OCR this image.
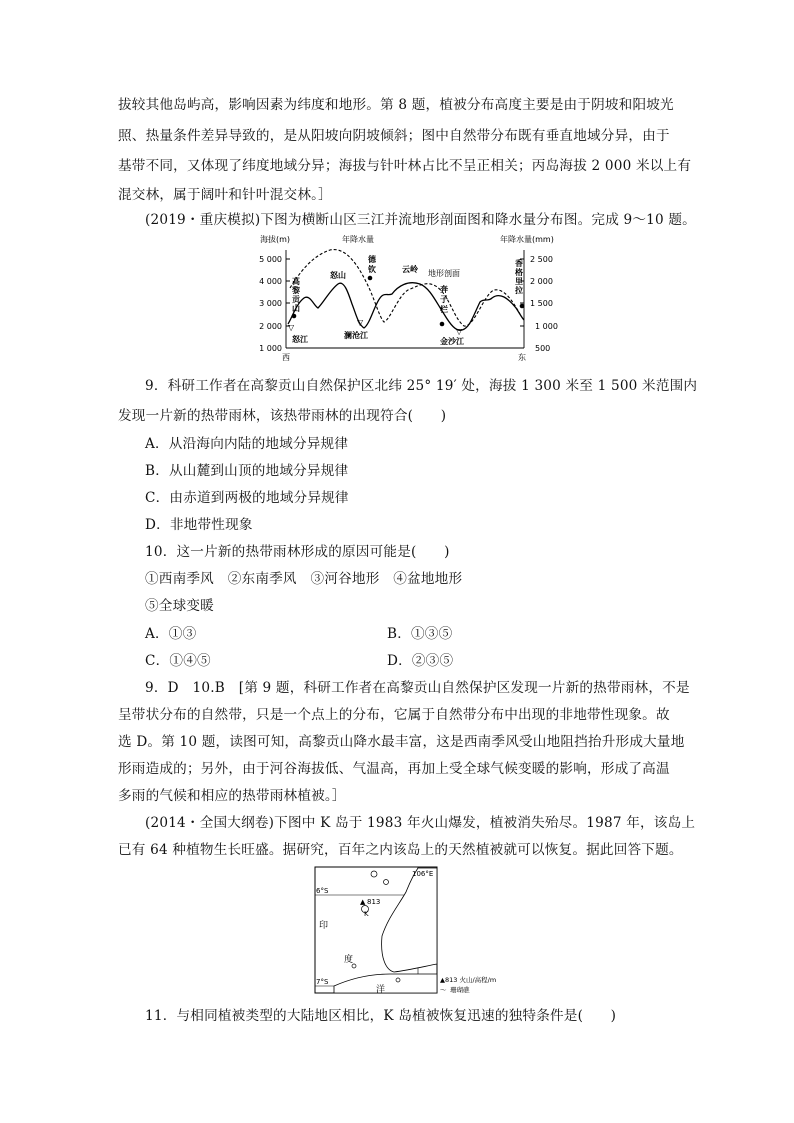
拔较其他岛屿高，影响因素为纬度和地形。第 8 题，植被分布高度主要是由于阴坡和阳坡光
照、热量条件差异导致的，是从阳坡向阴坡倾斜；图中自然带分布既有垂直地域分异，由于
基带不同，又体现了纬度地域分异；海拔与针叶林占比不呈正相关；丙岛海拔 2 000 米以上有
混交林，属于阔叶和针叶混交林。］
(2019・重庆模拟)下图为横断山区三江并流地形剖面图和降水量分布图。完成 9～10 题。
海拔(m)	年降水量(mm)
年降水量
5 000
4 000
3 000
2 000
1 000
2 500
2 000
1 500
1 000
500
▽
▽
▽
高
黎
贡
山
怒山
德
钦	云岭
奔
子
栏
香
格
里
拉
怒江	澜沧江
金沙江
地形剖面
西	东
9．科研工作者在高黎贡山自然保护区北纬 25° 19′ 处，海拔 1 300 米至 1 500 米范围内
发现一片新的热带雨林，该热带雨林的出现符合(　　)
A．从沿海向内陆的地域分异规律
B．从山麓到山顶的地域分异规律
C．由赤道到两极的地域分异规律
D．非地带性现象
10．这一片新的热带雨林形成的原因可能是(　　)
①西南季风　②东南季风　③河谷地形　④盆地地形
⑤全球变暖
A．①③	B．①③⑤
C．①④⑤	D．②③⑤
9．D　10.B　[第 9 题，科研工作者在高黎贡山自然保护区发现一片新的热带雨林，不是
呈带状分布的自然带，只是一个点上的分布，它属于自然带分布中出现的非地带性现象。故
选 D。第 10 题，读图可知，高黎贡山降水最丰富，这是西南季风受山地阻挡抬升形成大量地
形雨造成的；另外，由于河谷海拔低、气温高，再加上受全球气候变暖的影响，形成了高温
多雨的气候和相应的热带雨林植被。］
(2014・全国大纲卷)下图中 K 岛于 1983 年火山爆发，植被消失殆尽。1987 年，该岛上
已有 64 种植物生长旺盛。据研究，百年之内该岛上的天然植被就可以恢复。据此回答下题。
6°S
7°S
106°E
印
度
洋
▲ 813
K
▲813 火山/高程/m
〜 珊瑚礁
11．与相同植被类型的大陆地区相比，K 岛植被恢复迅速的独特条件是(　　)
